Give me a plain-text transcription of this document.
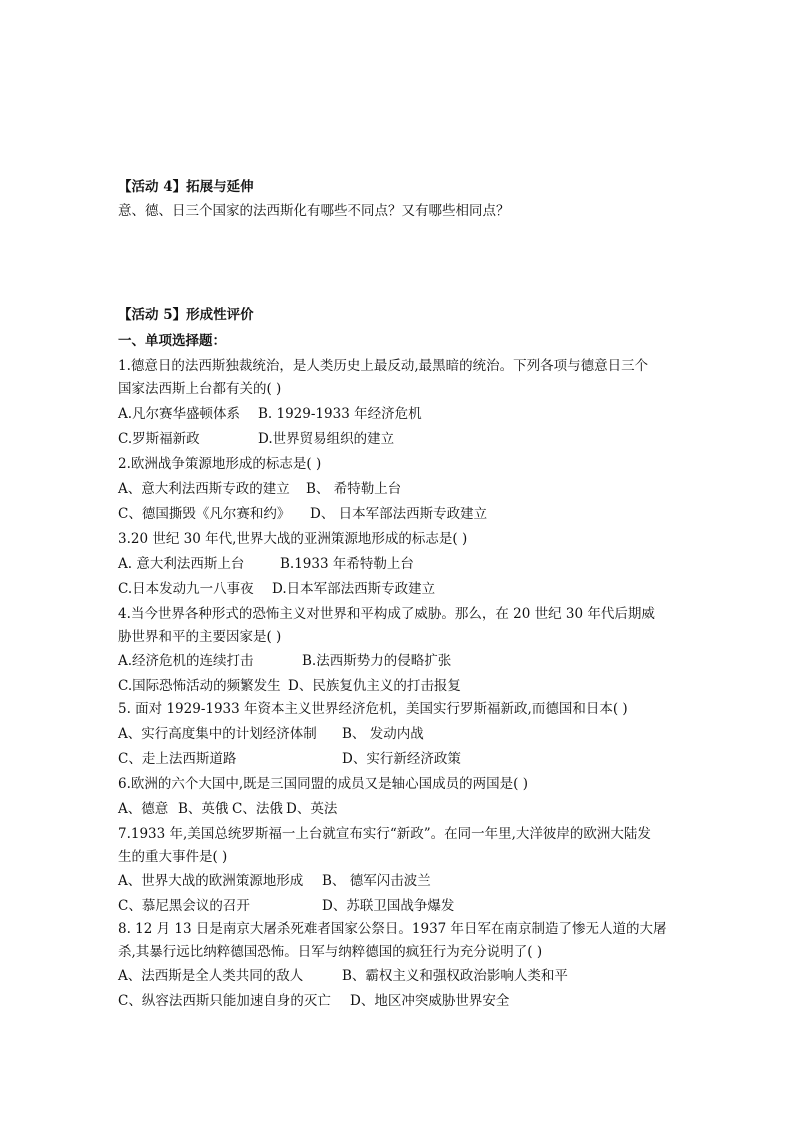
【活动 4】拓展与延伸
意、德、日三个国家的法西斯化有哪些不同点？又有哪些相同点？
【活动 5】形成性评价
一、单项选择题：
1.德意日的法西斯独裁统治，是人类历史上最反动,最黑暗的统治。下列各项与德意日三个
国家法西斯上台都有关的( )
A.凡尔赛华盛顿体系 B. 1929-1933 年经济危机
C.罗斯福新政	D.世界贸易组织的建立
2.欧洲战争策源地形成的标志是( )
A、意大利法西斯专政的建立 B、 希特勒上台
C、德国撕毁《凡尔赛和约》 D、 日本军部法西斯专政建立
3.20 世纪 30 年代,世界大战的亚洲策源地形成的标志是( )
A. 意大利法西斯上台	B.1933 年希特勒上台
C.日本发动九一八事夜 D.日本军部法西斯专政建立
4.当今世界各种形式的恐怖主义对世界和平构成了威胁。那么，在 20 世纪 30 年代后期威
胁世界和平的主要因家是( )
A.经济危机的连续打击	B.法西斯势力的侵略扩张
C.国际恐怖活动的频繁发生 D、民族复仇主义的打击报复
5. 面对 1929-1933 年资本主义世界经济危机，美国实行罗斯福新政,而德国和日本( )
A、实行高度集中的计划经济体制 B、 发动内战
C、走上法西斯道路	D、实行新经济政策
6.欧洲的六个大国中,既是三国同盟的成员又是轴心国成员的两国是( )
A、德意 B、英俄 C、法俄 D、英法
7.1933 年,美国总统罗斯福一上台就宣布实行“新政”。在同一年里,大洋彼岸的欧洲大陆发
生的重大事件是( )
A、世界大战的欧洲策源地形成 B、 德军闪击波兰
C、慕尼黑会议的召开	D、苏联卫国战争爆发
8. 12 月 13 日是南京大屠杀死难者国家公祭日。1937 年日军在南京制造了惨无人道的大屠
杀,其暴行远比纳粹德国恐怖。日军与纳粹德国的疯狂行为充分说明了( )
A、法西斯是全人类共同的敌人	B、霸权主义和强权政治影响人类和平
C、纵容法西斯只能加速自身的灭亡 D、地区冲突威胁世界安全
